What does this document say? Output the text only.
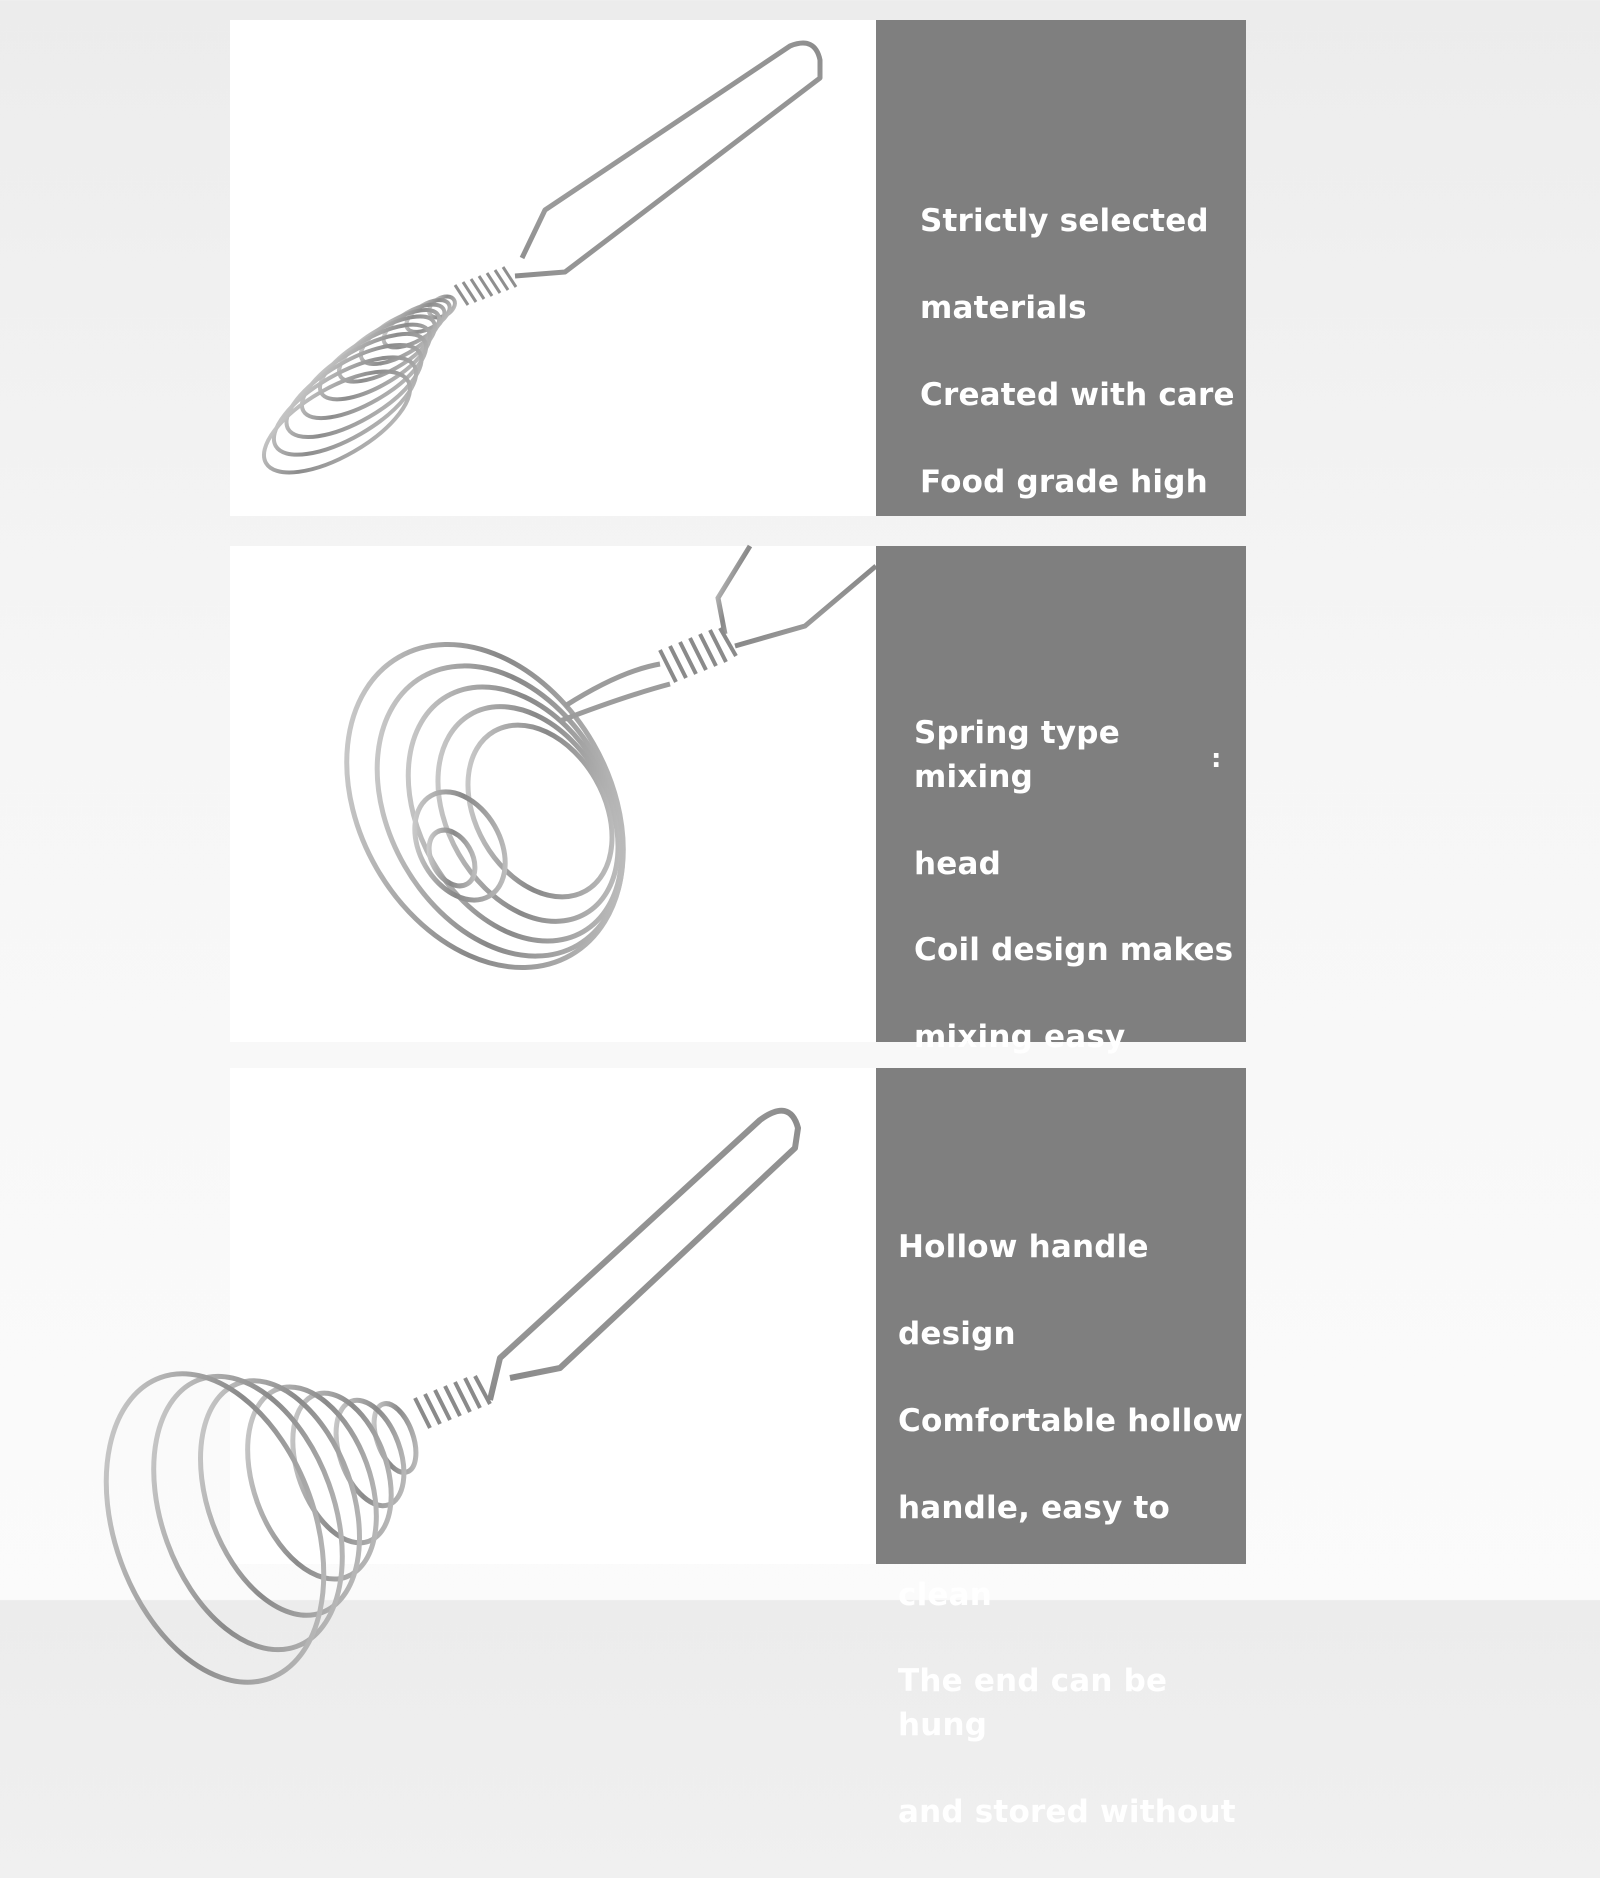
Strictly selected

materials

Created with care

Food grade high

Spring type mixing

head

Coil design makes

mixing easy

:

Hollow handle

design

Comfortable hollow

handle, easy to

clean

The end can be hung

and stored without
